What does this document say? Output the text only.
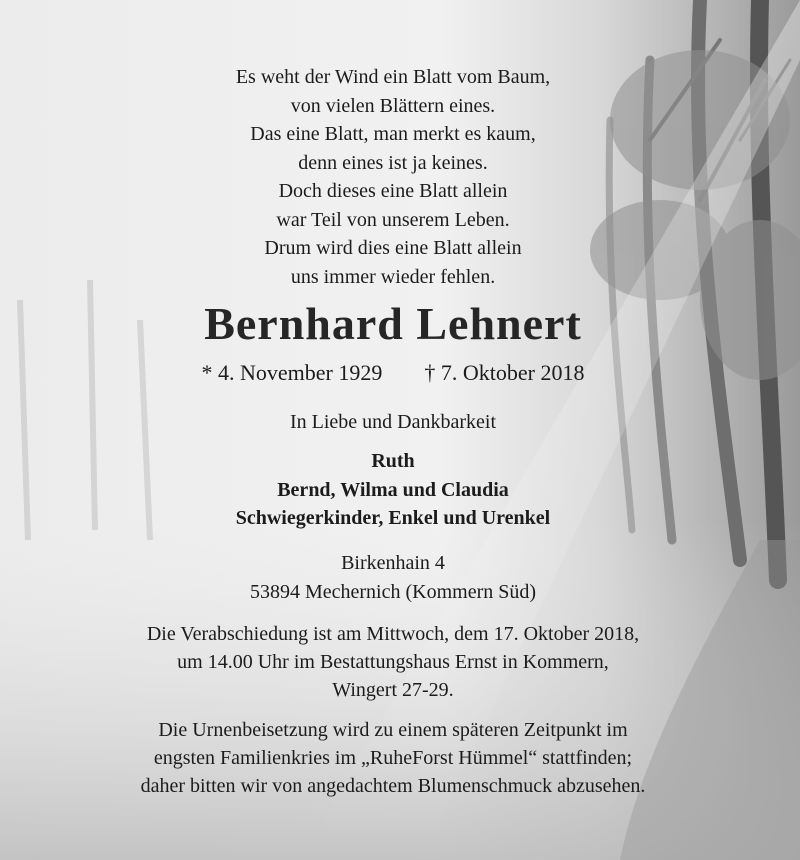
Es weht der Wind ein Blatt vom Baum,
von vielen Blättern eines.
Das eine Blatt, man merkt es kaum,
denn eines ist ja keines.
Doch dieses eine Blatt allein
war Teil von unserem Leben.
Drum wird dies eine Blatt allein
uns immer wieder fehlen.
Bernhard Lehnert
* 4. November 1929 † 7. Oktober 2018
In Liebe und Dankbarkeit
Ruth
Bernd, Wilma und Claudia
Schwiegerkinder, Enkel und Urenkel
Birkenhain 4
53894 Mechernich (Kommern Süd)
Die Verabschiedung ist am Mittwoch, dem 17. Oktober 2018,
um 14.00 Uhr im Bestattungshaus Ernst in Kommern,
Wingert 27-29.
Die Urnenbeisetzung wird zu einem späteren Zeitpunkt im
engsten Familienkries im „RuheForst Hümmel“ stattfinden;
daher bitten wir von angedachtem Blumenschmuck abzusehen.
